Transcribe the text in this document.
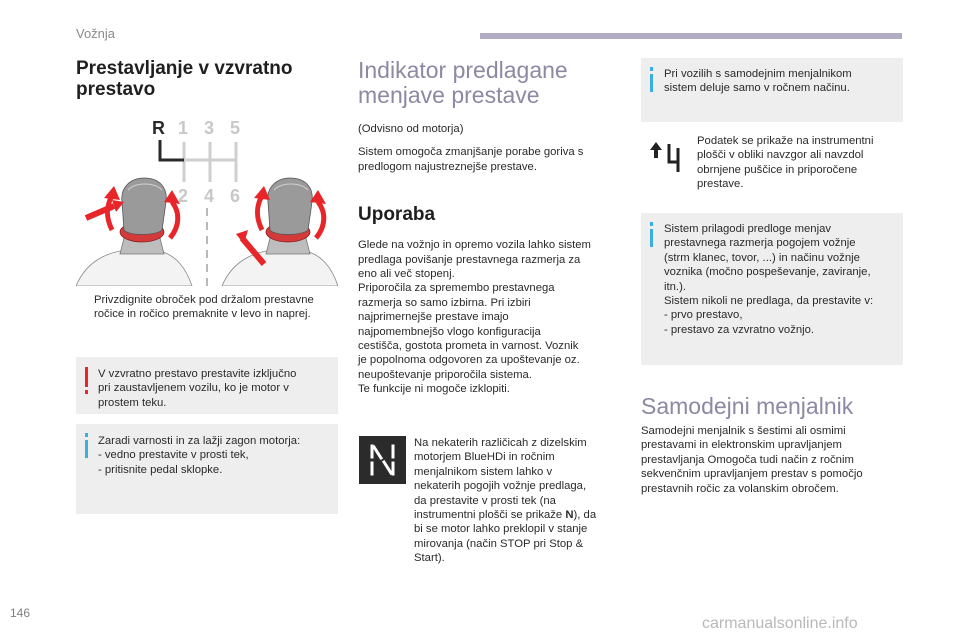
Vožnja
Prestavljanje v vzvratno
prestavo
R 1 3 5
2 4 6
Privzdignite obroček pod držalom prestavne
ročice in ročico premaknite v levo in naprej.
V vzvratno prestavo prestavite izključno
pri zaustavljenem vozilu, ko je motor v
prostem teku.
Zaradi varnosti in za lažji zagon motorja:
- vedno prestavite v prosti tek,
- pritisnite pedal sklopke.
Indikator predlagane
menjave prestave
(Odvisno od motorja)
Sistem omogoča zmanjšanje porabe goriva s
predlogom najustreznejše prestave.
Uporaba
Glede na vožnjo in opremo vozila lahko sistem
predlaga povišanje prestavnega razmerja za
eno ali več stopenj.
Priporočila za spremembo prestavnega
razmerja so samo izbirna. Pri izbiri
najprimernejše prestave imajo
najpomembnejšo vlogo konfiguracija
cestišča, gostota prometa in varnost. Voznik
je popolnoma odgovoren za upoštevanje oz.
neupoštevanje priporočila sistema.
Te funkcije ni mogoče izklopiti.
Na nekaterih različicah z dizelskim
motorjem BlueHDi in ročnim
menjalnikom sistem lahko v
nekaterih pogojih vožnje predlaga,
da prestavite v prosti tek (na
instrumentni plošči se prikaže N), da
bi se motor lahko preklopil v stanje
mirovanja (način STOP pri Stop &
Start).
Pri vozilih s samodejnim menjalnikom
sistem deluje samo v ročnem načinu.
Podatek se prikaže na instrumentni
plošči v obliki navzgor ali navzdol
obrnjene puščice in priporočene
prestave.
Sistem prilagodi predloge menjav
prestavnega razmerja pogojem vožnje
(strm klanec, tovor, ...) in načinu vožnje
voznika (močno pospeševanje, zaviranje,
itn.).
Sistem nikoli ne predlaga, da prestavite v:
- prvo prestavo,
- prestavo za vzvratno vožnjo.
Samodejni menjalnik
Samodejni menjalnik s šestimi ali osmimi
prestavami in elektronskim upravljanjem
prestavljanja Omogoča tudi način z ročnim
sekvenčnim upravljanjem prestav s pomočjo
prestavnih ročic za volanskim obročem.
146
carmanualsonline.info
